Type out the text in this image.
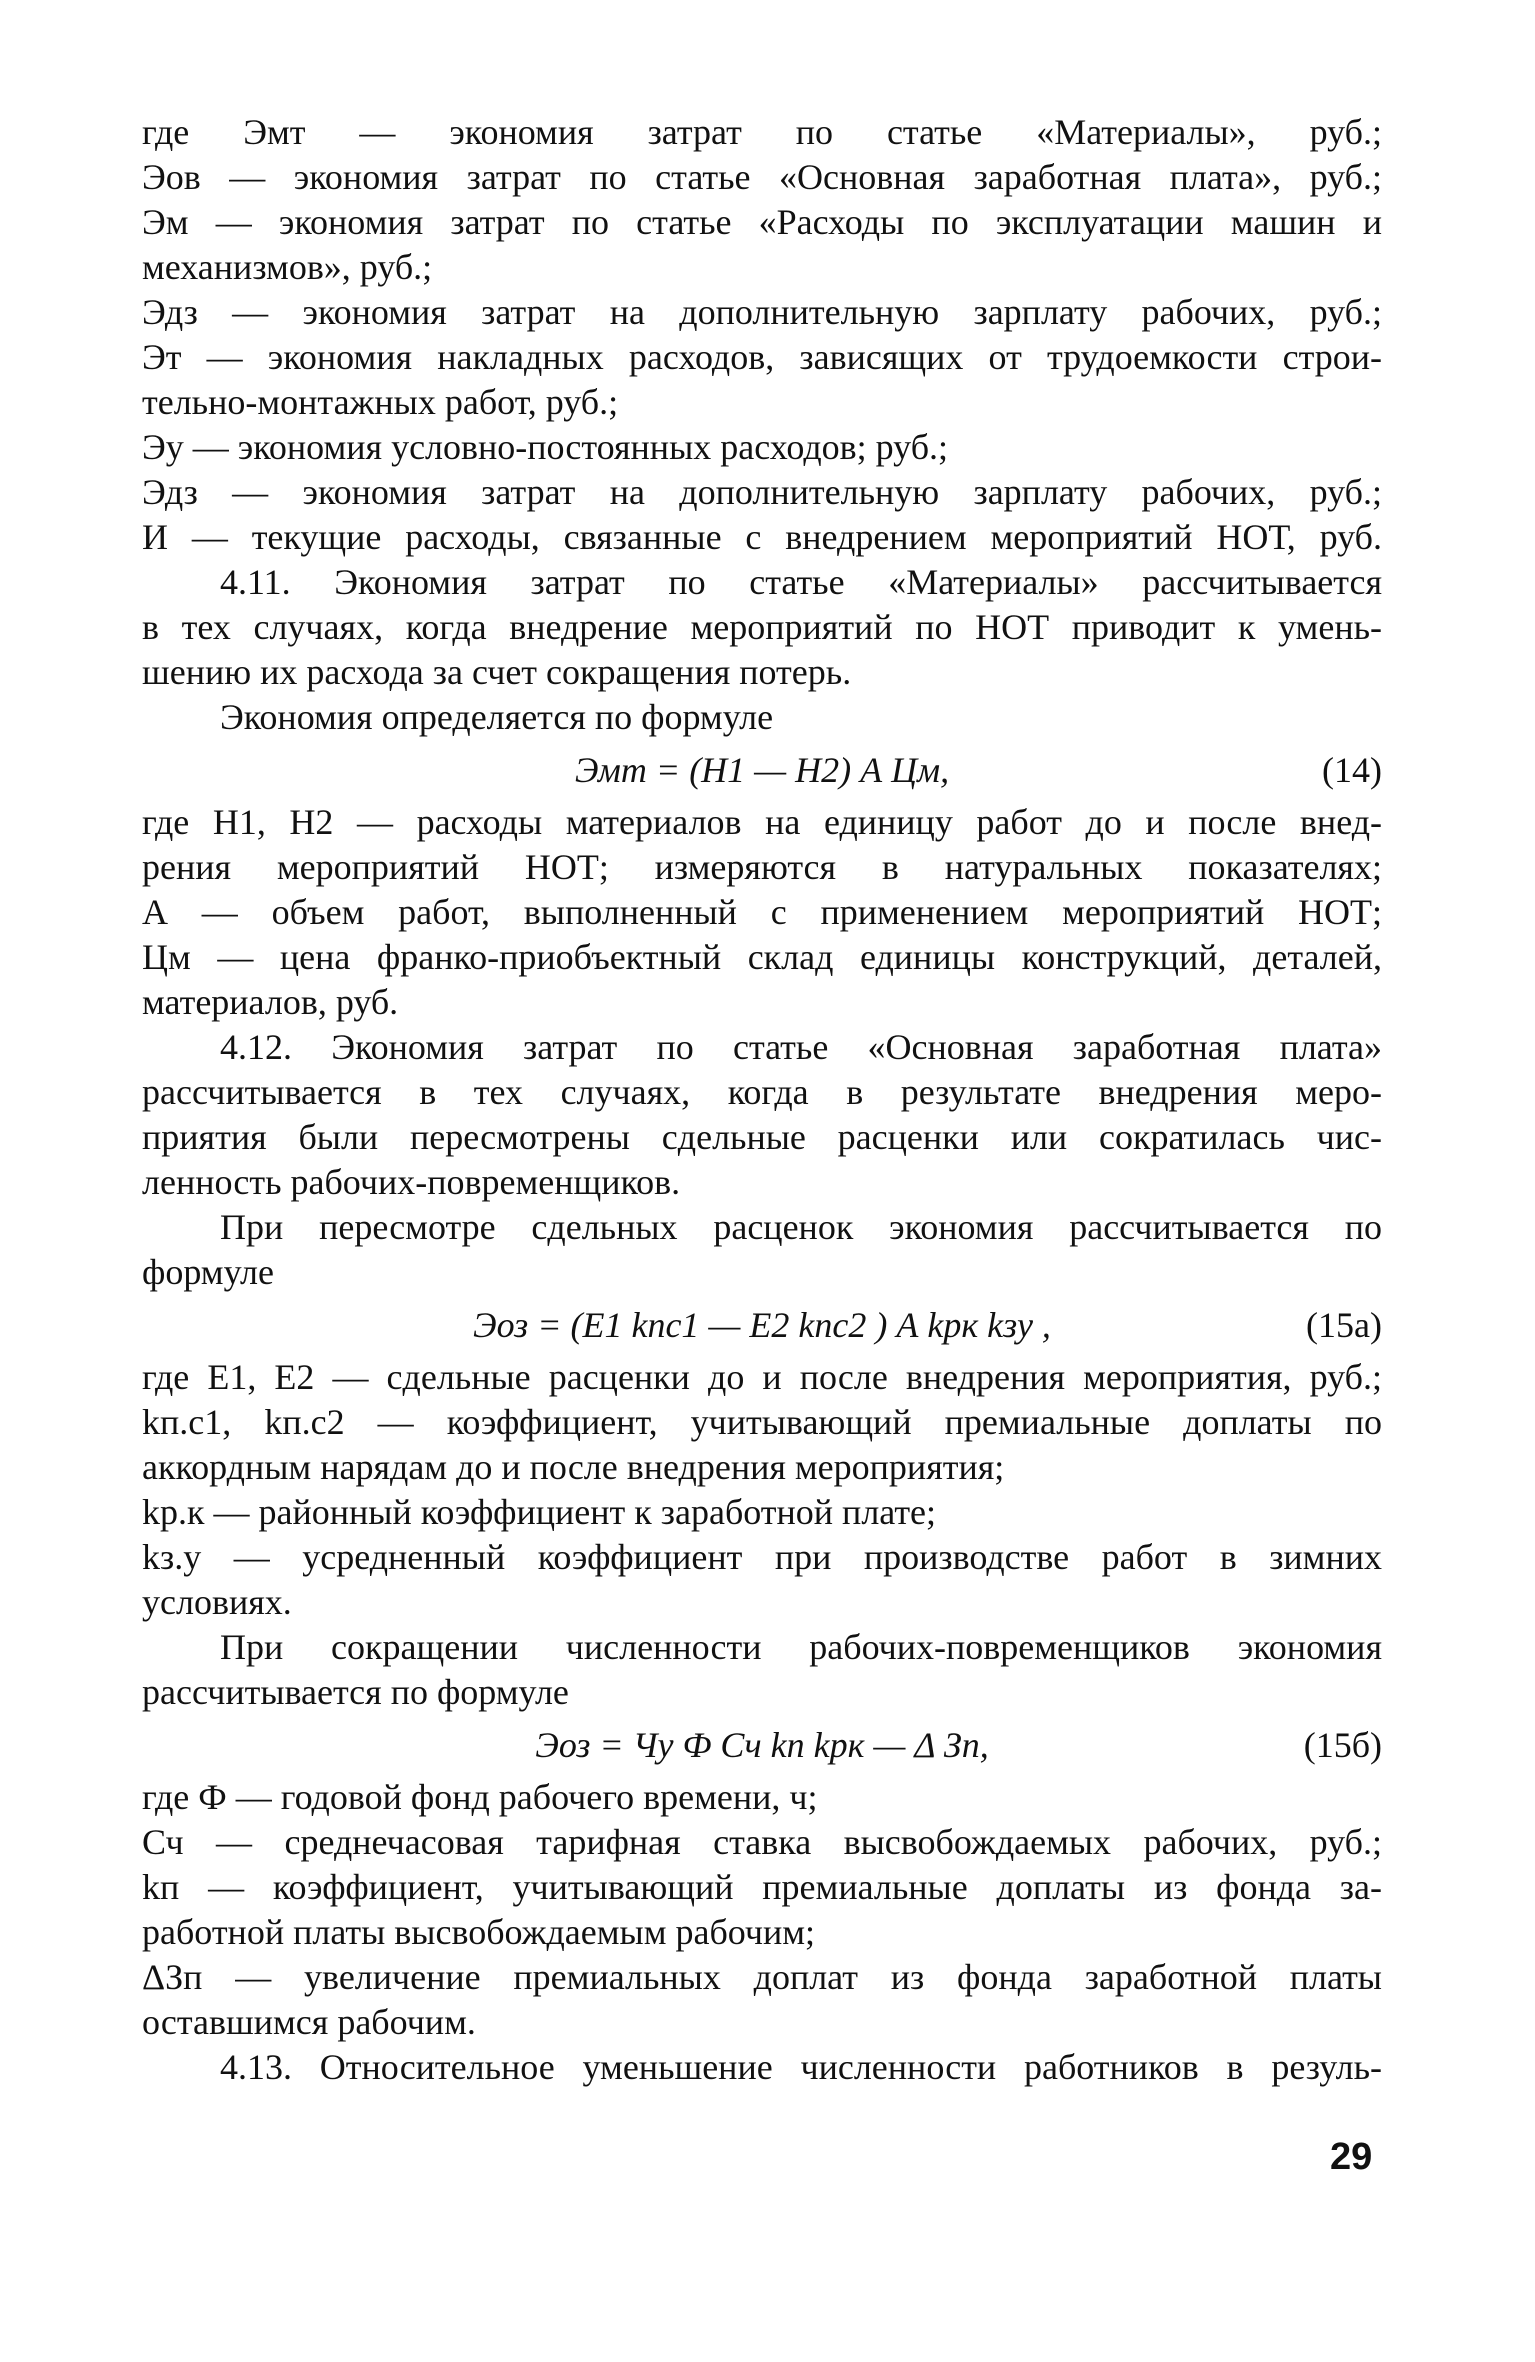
где Эмт — экономия затрат по статье «Материалы», руб.;
Эов — экономия затрат по статье «Основная заработная плата», руб.;
Эм — экономия затрат по статье «Расходы по эксплуатации машин и
механизмов», руб.;
Эдз — экономия затрат на дополнительную зарплату рабочих, руб.;
Эт — экономия накладных расходов, зависящих от трудоемкости строи-
тельно-монтажных работ, руб.;
Эу — экономия условно-постоянных расходов; руб.;
Эдз — экономия затрат на дополнительную зарплату рабочих, руб.;
И — текущие расходы, связанные с внедрением мероприятий НОТ, руб.
4.11. Экономия затрат по статье «Материалы» рассчитывается
в тех случаях, когда внедрение мероприятий по НОТ приводит к умень-
шению их расхода за счет сокращения потерь.
Экономия определяется по формуле
Эмт = (Н1 — Н2) А Цм,	(14)
где Н1, Н2 — расходы материалов на единицу работ до и после внед-
рения мероприятий НОТ; измеряются в натуральных показателях;
А — объем работ, выполненный с применением мероприятий НОТ;
Цм — цена франко-приобъектный склад единицы конструкций, деталей,
материалов, руб.
4.12. Экономия затрат по статье «Основная заработная плата»
рассчитывается в тех случаях, когда в результате внедрения меро-
приятия были пересмотрены сдельные расценки или сократилась чис-
ленность рабочих-повременщиков.
При пересмотре сдельных расценок экономия рассчитывается по
формуле
Эоз = (Е1 kпс1 — Е2 kпс2 ) А kрк kзу ,	(15а)
где Е1, Е2 — сдельные расценки до и после внедрения мероприятия, руб.;
kп.с1, kп.с2 — коэффициент, учитывающий премиальные доплаты по
аккордным нарядам до и после внедрения мероприятия;
kр.к — районный коэффициент к заработной плате;
kз.у — усредненный коэффициент при производстве работ в зимних
условиях.
При сокращении численности рабочих-повременщиков экономия
рассчитывается по формуле
Эоз = Чу Ф Сч kп kрк — Δ Зп,	(15б)
где Ф — годовой фонд рабочего времени, ч;
Сч — среднечасовая тарифная ставка высвобождаемых рабочих, руб.;
kп — коэффициент, учитывающий премиальные доплаты из фонда за-
работной платы высвобождаемым рабочим;
ΔЗп — увеличение премиальных доплат из фонда заработной платы
оставшимся рабочим.
4.13. Относительное уменьшение численности работников в резуль-
29
